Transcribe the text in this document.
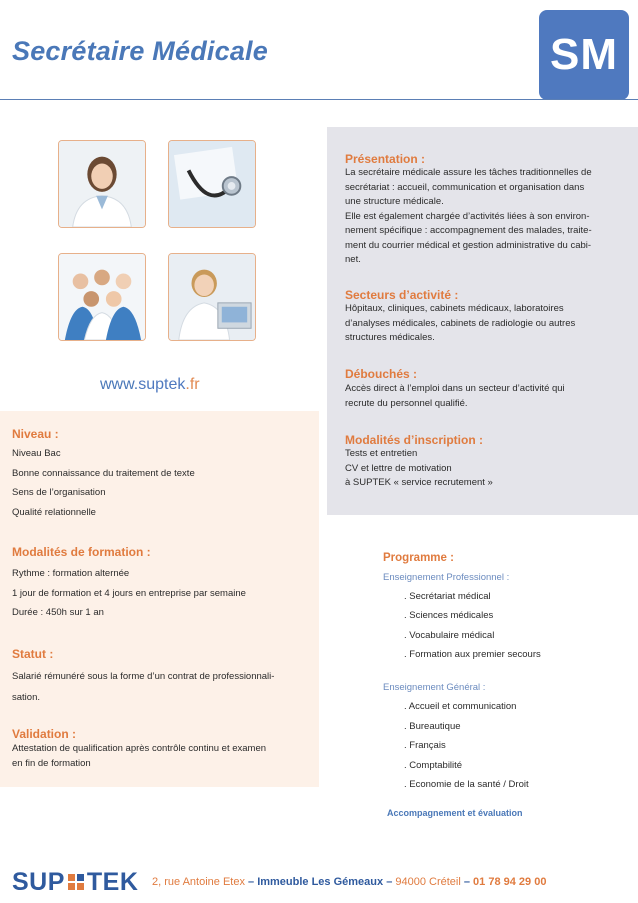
Secrétaire Médicale	SM
www.suptek.fr
Présentation :
La secrétaire médicale assure les tâches traditionnelles de
secrétariat : accueil, communication et organisation dans
une structure médicale.
Elle est également chargée d’activités liées à son environ-
nement spécifique : accompagnement des malades, traite-
ment du courrier médical et gestion administrative du cabi-
net.
Secteurs d’activité :
Hôpitaux, cliniques, cabinets médicaux, laboratoires
d’analyses médicales, cabinets de radiologie ou autres
structures médicales.
Débouchés :
Accès direct à l’emploi dans un secteur d’activité qui
recrute du personnel qualifié.
Modalités d’inscription :
Tests et entretien
CV et lettre de motivation
à SUPTEK « service recrutement »
Niveau :
Niveau Bac
Bonne connaissance du traitement de texte
Sens de l’organisation
Qualité relationnelle
Modalités de formation :
Rythme : formation alternée
1 jour de formation et 4 jours en entreprise par semaine
Durée : 450h sur 1 an
Statut :
Salarié rémunéré sous la forme d’un contrat de professionnali-
sation.
Validation :
Attestation de qualification après contrôle continu et examen
en fin de formation
Programme :
Enseignement Professionnel :
. Secrétariat médical
. Sciences médicales
. Vocabulaire médical
. Formation aux premier secours
Enseignement Général :
. Accueil et communication
. Bureautique
. Français
. Comptabilité
. Economie de la santé / Droit
Accompagnement et évaluation
SUP TEK 2, rue Antoine Etex – Immeuble Les Gémeaux – 94000 Créteil – 01 78 94 29 00
